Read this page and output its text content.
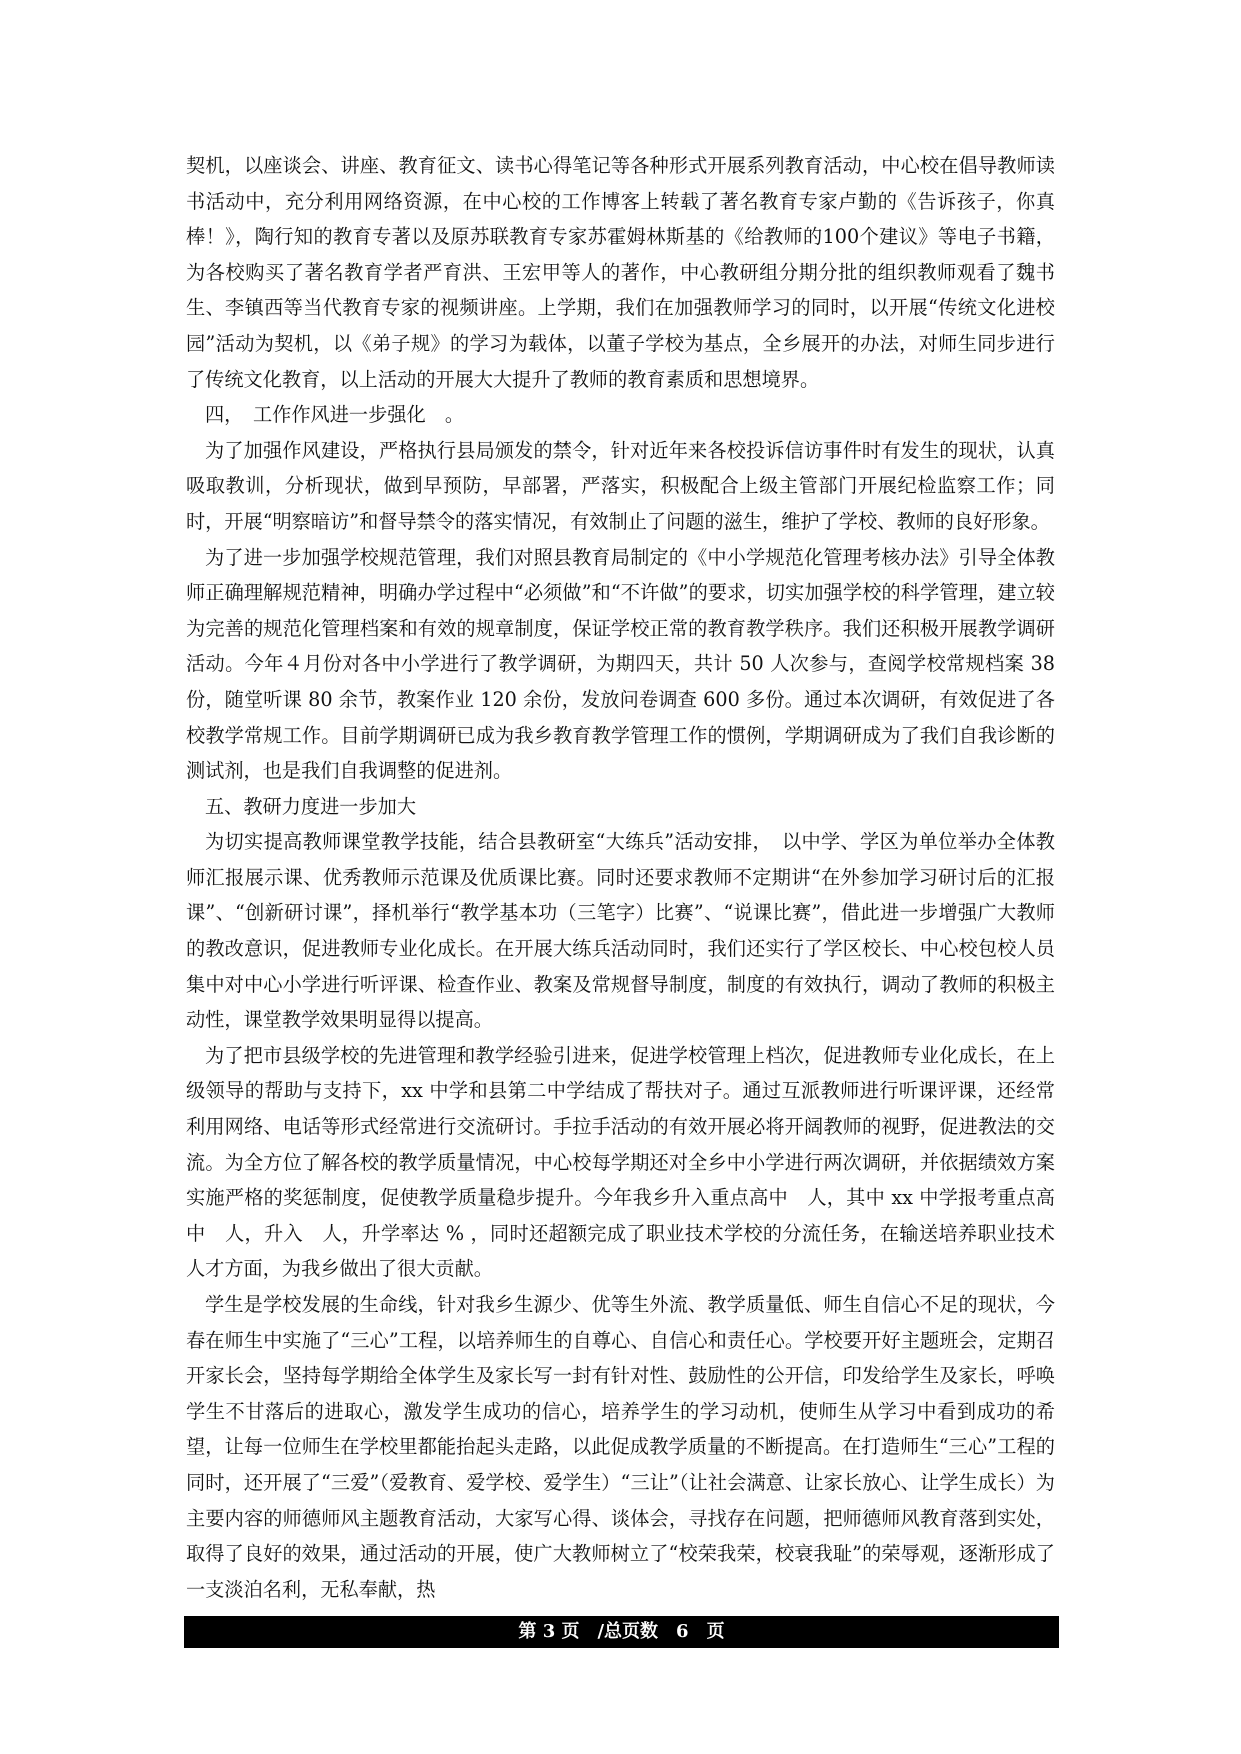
契机，以座谈会、讲座、教育征文、读书心得笔记等各种形式开展系列教育活动，中心校在倡导教师读书活动中，充分利用网络资源，在中心校的工作博客上转载了著名教育专家卢勤的《告诉孩子，你真棒！》，陶行知的教育专著以及原苏联教育专家苏霍姆林斯基的《给教师的100个建议》等电子书籍，为各校购买了著名教育学者严育洪、王宏甲等人的著作，中心教研组分期分批的组织教师观看了魏书生、李镇西等当代教育专家的视频讲座。上学期，我们在加强教师学习的同时，以开展“传统文化进校园”活动为契机，以《弟子规》的学习为载体，以董子学校为基点，全乡展开的办法，对师生同步进行了传统文化教育，以上活动的开展大大提升了教师的教育素质和思想境界。

四，　工作作风进一步强化　。

为了加强作风建设，严格执行县局颁发的禁令，针对近年来各校投诉信访事件时有发生的现状，认真吸取教训，分析现状，做到早预防，早部署，严落实，积极配合上级主管部门开展纪检监察工作；同时，开展“明察暗访”和督导禁令的落实情况，有效制止了问题的滋生，维护了学校、教师的良好形象。

为了进一步加强学校规范管理，我们对照县教育局制定的《中小学规范化管理考核办法》引导全体教师正确理解规范精神，明确办学过程中“必须做”和“不许做”的要求，切实加强学校的科学管理，建立较为完善的规范化管理档案和有效的规章制度，保证学校正常的教育教学秩序。我们还积极开展教学调研活动。今年４月份对各中小学进行了教学调研，为期四天，共计 50 人次参与，查阅学校常规档案 38 份，随堂听课 80 余节，教案作业 120 余份，发放问卷调查 600 多份。通过本次调研，有效促进了各校教学常规工作。目前学期调研已成为我乡教育教学管理工作的惯例，学期调研成为了我们自我诊断的测试剂，也是我们自我调整的促进剂。

五、教研力度进一步加大

为切实提高教师课堂教学技能，结合县教研室“大练兵”活动安排，　以中学、学区为单位举办全体教师汇报展示课、优秀教师示范课及优质课比赛。同时还要求教师不定期讲“在外参加学习研讨后的汇报课”、“创新研讨课”，择机举行“教学基本功（三笔字）比赛”、“说课比赛”，借此进一步增强广大教师的教改意识，促进教师专业化成长。在开展大练兵活动同时，我们还实行了学区校长、中心校包校人员集中对中心小学进行听评课、检查作业、教案及常规督导制度，制度的有效执行，调动了教师的积极主动性，课堂教学效果明显得以提高。

为了把市县级学校的先进管理和教学经验引进来，促进学校管理上档次，促进教师专业化成长，在上级领导的帮助与支持下，xx 中学和县第二中学结成了帮扶对子。通过互派教师进行听课评课，还经常利用网络、电话等形式经常进行交流研讨。手拉手活动的有效开展必将开阔教师的视野，促进教法的交流。为全方位了解各校的教学质量情况，中心校每学期还对全乡中小学进行两次调研，并依据绩效方案实施严格的奖惩制度，促使教学质量稳步提升。今年我乡升入重点高中　人，其中 xx 中学报考重点高中　人，升入　人，升学率达 % ，同时还超额完成了职业技术学校的分流任务，在输送培养职业技术人才方面，为我乡做出了很大贡献。

学生是学校发展的生命线，针对我乡生源少、优等生外流、教学质量低、师生自信心不足的现状，今春在师生中实施了“三心”工程，以培养师生的自尊心、自信心和责任心。学校要开好主题班会，定期召开家长会，坚持每学期给全体学生及家长写一封有针对性、鼓励性的公开信，印发给学生及家长，呼唤学生不甘落后的进取心，激发学生成功的信心，培养学生的学习动机，使师生从学习中看到成功的希望，让每一位师生在学校里都能抬起头走路，以此促成教学质量的不断提高。在打造师生“三心”工程的同时，还开展了“三爱”（爱教育、爱学校、爱学生）“三让”（让社会满意、让家长放心、让学生成长）为主要内容的师德师风主题教育活动，大家写心得、谈体会，寻找存在问题，把师德师风教育落到实处，取得了良好的效果，通过活动的开展，使广大教师树立了“校荣我荣，校衰我耻”的荣辱观，逐渐形成了一支淡泊名利，无私奉献，热

第 3 页　/总页数　6　页
